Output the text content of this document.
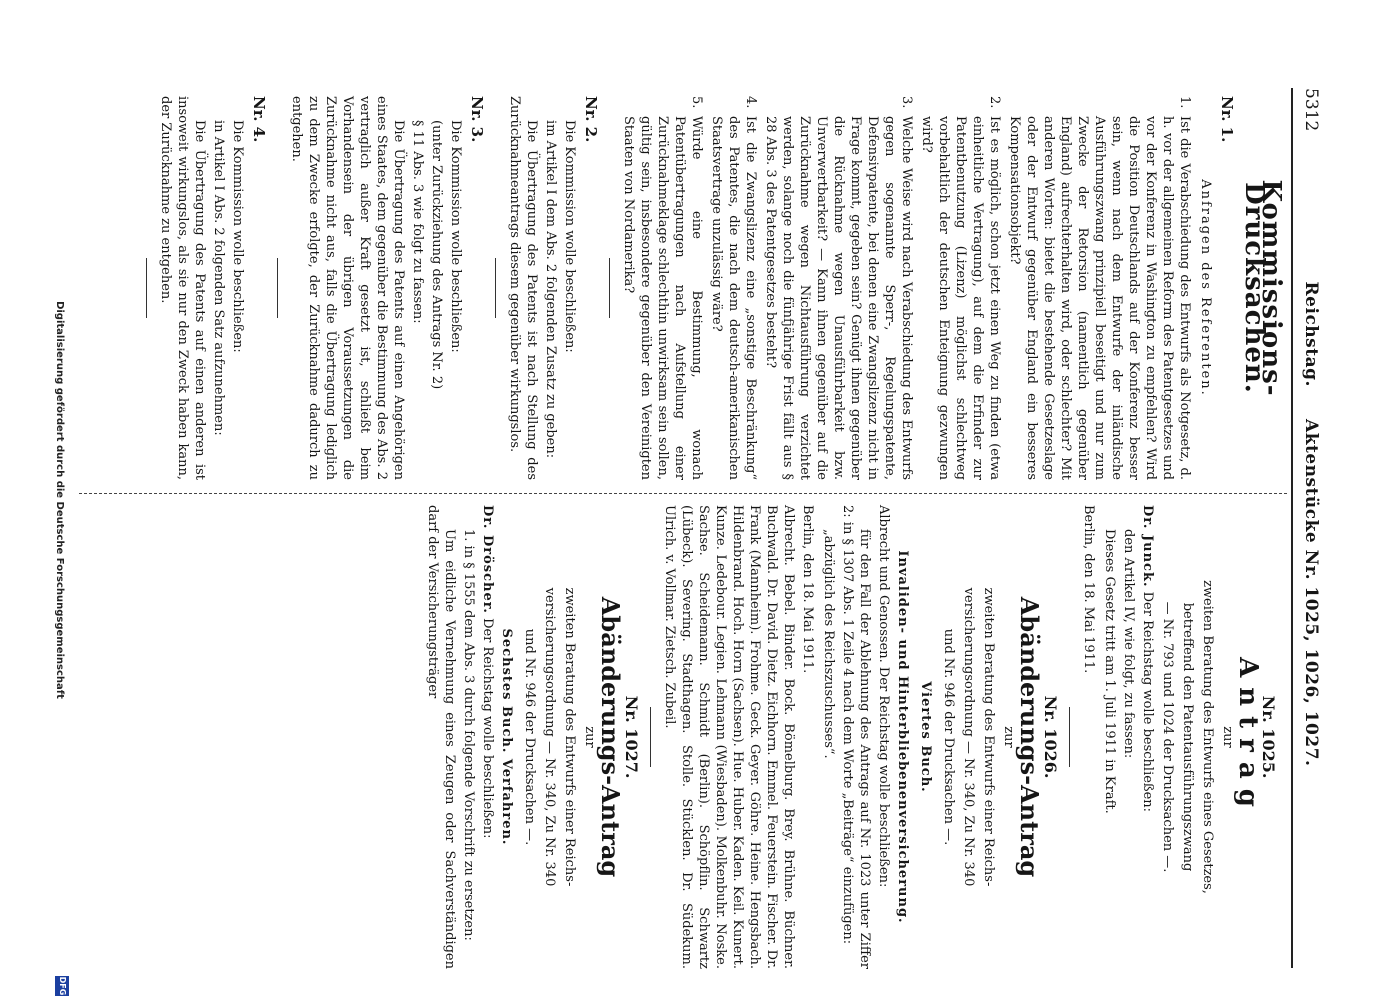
5312
Reichstag.     Aktenstücke Nr. 1025, 1026, 1027.
Kommissions-Drucksachen.
Nr. 1.
Anfragen des Referenten.
1.
Ist die Verabschiedung des Entwurfs als Notgesetz, d. h. vor der allgemeinen Reform des Patentgesetzes und vor der Konferenz in Washington zu empfehlen? Wird die Position Deutschlands auf der Konferenz besser sein, wenn nach dem Entwurfe der inländische Ausführungszwang prinzipiell beseitigt und nur zum Zwecke der Retorsion (namentlich gegenüber England) aufrechterhalten wird, oder schlechter? Mit anderen Worten: bietet die bestehende Gesetzeslage oder der Entwurf gegenüber England ein besseres Kompensationsobjekt?
2.
Ist es möglich, schon jetzt einen Weg zu finden (etwa einheitliche Vertragung), auf dem die Erfinder zur Patentbenutzung (Lizenz) möglichst schlechtweg vorbehaltlich der deutschen Enteignung gezwungen wird?
3.
Welche Weise wird nach Verabschiedung des Entwurfs gegen sogenannte Sperr-, Regelungspatente, Defensivpatente, bei denen eine Zwangslizenz nicht in Frage kommt, gegeben sein? Genügt ihnen gegenüber die Rücknahme wegen Unausführbarkeit bzw. Unverwertbarkeit? — Kann ihnen gegenüber auf die Zurücknahme wegen Nichtausführung verzichtet werden, solange noch die fünfjährige Frist fällt aus § 28 Abs. 3 des Patentgesetzes besteht?
4.
Ist die Zwangslizenz eine „sonstige Beschränkung“ des Patentes, die nach dem deutsch-amerikanischen Staatsvertrage unzulässig wäre?
5.
Würde eine Bestimmung, wonach Patentübertragungen nach Aufstellung einer Zurücknahmeklage schlechthin unwirksam sein sollen, gültig sein, insbesondere gegenüber den Vereinigten Staaten von Nordamerika?
Nr. 2.
Die Kommission wolle beschließen:
im Artikel I dem Abs. 2 folgenden Zusatz zu geben:
Die Übertragung des Patents ist nach Stellung des Zurücknahmeantrags diesem gegenüber wirkungslos.
Nr. 3.
Die Kommission wolle beschließen:
(unter Zurückziehung des Antrags Nr. 2)
§ 11 Abs. 3 wie folgt zu fassen:
Die Übertragung des Patents auf einen Angehörigen eines Staates, dem gegenüber die Bestimmung des Abs. 2 vertraglich außer Kraft gesetzt ist, schließt beim Vorhandensein der übrigen Voraussetzungen die Zurücknahme nicht aus, falls die Übertragung lediglich zu dem Zwecke erfolgte, der Zurücknahme dadurch zu entgehen.
Nr. 4.
Die Kommission wolle beschließen:
in Artikel I Abs. 2 folgenden Satz aufzunehmen:
Die Übertragung des Patents auf einen anderen ist insoweit wirkungslos, als sie nur den Zweck haben kann, der Zurücknahme zu entgehen.
Nr. 1025.
Antrag
zur
zweiten Beratung des Entwurfs eines Gesetzes,
betreffend den Patentausführungszwang
— Nr. 793 und 1024 der Drucksachen —.
Dr. Junck. Der Reichstag wolle beschließen:
den Artikel IV, wie folgt, zu fassen:
Dieses Gesetz tritt am 1. Juli 1911 in Kraft.
Berlin, den 18. Mai 1911.
Nr. 1026.
Abänderungs-Antrag
zur
zweiten Beratung des Entwurfs einer Reichs-
versicherungsordnung — Nr. 340, Zu Nr. 340
und Nr. 946 der Drucksachen —.
Viertes Buch.
Invaliden- und Hinterbliebenenversicherung.
Albrecht und Genossen. Der Reichstag wolle beschließen:
für den Fall der Ablehnung des Antrags auf Nr. 1023 unter Ziffer 2: in § 1307 Abs. 1 Zeile 4 nach dem Worte „Beiträge“ einzufügen:
„abzüglich des Reichszuschusses“.
Berlin, den 18. Mai 1911.
Albrecht. Bebel. Binder. Bock. Bömelburg. Brey. Brühne. Büchner. Buchwald. Dr. David. Dietz. Eichhorn. Emmel. Feuerstein. Fischer. Dr. Frank (Mannheim). Frohme. Geck. Geyer. Göhre. Heine. Hengsbach. Hildenbrand. Hoch. Horn (Sachsen). Hue. Huber. Kaden. Keil. Kunert. Kunze. Ledebour. Legien. Lehmann (Wiesbaden). Molkenbuhr. Noske. Sachse. Scheidemann. Schmidt (Berlin). Schöpflin. Schwartz (Lübeck). Severing. Stadthagen. Stolle. Stücklen. Dr. Südekum. Ulrich. v. Vollmar. Zietsch. Zubeil.
Nr. 1027.
Abänderungs-Antrag
zur
zweiten Beratung des Entwurfs einer Reichs-
versicherungsordnung — Nr. 340, Zu Nr. 340
und Nr. 946 der Drucksachen —.
Sechstes Buch. Verfahren.
Dr. Dröscher. Der Reichstag wolle beschließen:
1. in § 1555 dem Abs. 3 durch folgende Vorschrift zu ersetzen:
Um eidliche Vernehmung eines Zeugen oder Sachverständigen darf der Versicherungsträger
Digitalisierung gefördert durch die Deutsche Forschungsgemeinschaft
DFG
